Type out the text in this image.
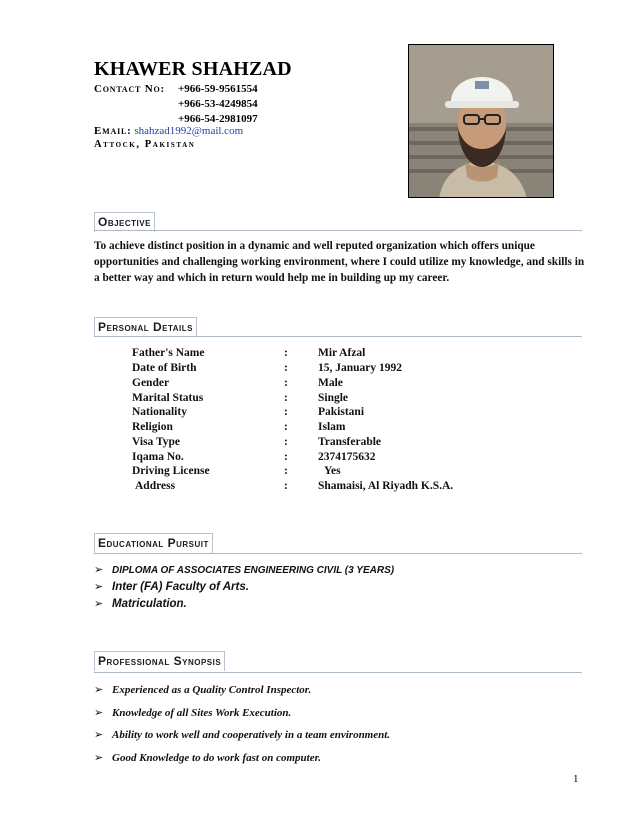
KHAWER SHAHZAD
Contact No: +966-59-9561554
+966-53-4249854
+966-54-2981097
Email: shahzad1992@mail.com
Attock, Pakistan
Objective
To achieve distinct position in a dynamic and well reputed organization which offers unique opportunities and challenging working environment, where I could utilize my knowledge, and skills in a better way and which in return would help me in building up my career.
Personal Details
Father's Name	:	Mir Afzal
Date of Birth	:	15, January 1992
Gender	:	Male
Marital Status	:	Single
Nationality	:	Pakistani
Religion	:	Islam
Visa Type	:	Transferable
Iqama No.	:	2374175632
Driving License	:	Yes
Address	:	Shamaisi, Al Riyadh K.S.A.
Educational Pursuit
➢ DIPLOMA OF ASSOCIATES ENGINEERING CIVIL (3 YEARS)
➢ Inter (FA) Faculty of Arts.
➢ Matriculation.
Professional Synopsis
➢ Experienced as a Quality Control Inspector.
➢ Knowledge of all Sites Work Execution.
➢ Ability to work well and cooperatively in a team environment.
➢ Good Knowledge to do work fast on computer.
1
